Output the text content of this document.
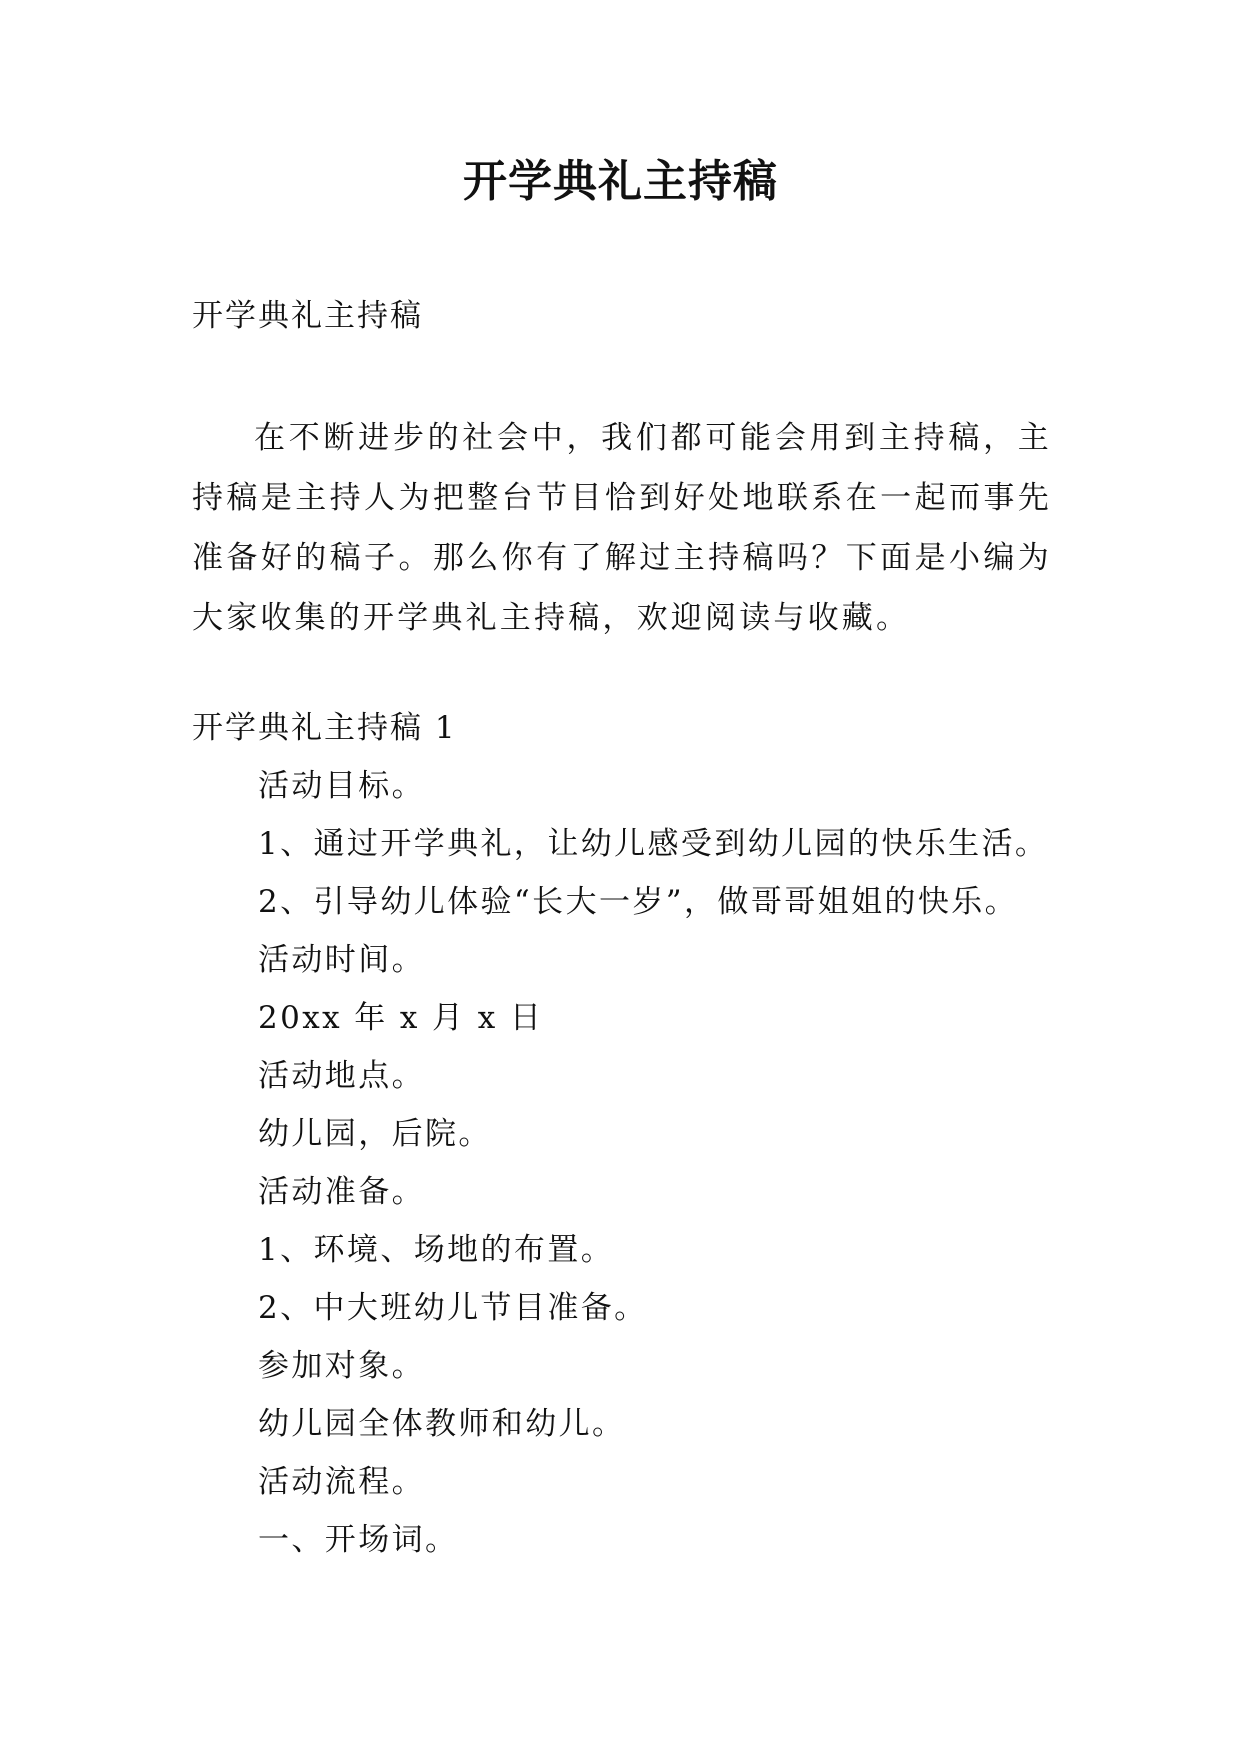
开学典礼主持稿

开学典礼主持稿

在不断进步的社会中，我们都可能会用到主持稿，主持稿是主持人为把整台节目恰到好处地联系在一起而事先准备好的稿子。那么你有了解过主持稿吗？下面是小编为大家收集的开学典礼主持稿，欢迎阅读与收藏。

开学典礼主持稿 1

活动目标。
1、通过开学典礼，让幼儿感受到幼儿园的快乐生活。
2、引导幼儿体验“长大一岁”，做哥哥姐姐的快乐。
活动时间。
20xx 年 x 月 x 日
活动地点。
幼儿园，后院。
活动准备。
1、环境、场地的布置。
2、中大班幼儿节目准备。
参加对象。
幼儿园全体教师和幼儿。
活动流程。
一、开场词。
